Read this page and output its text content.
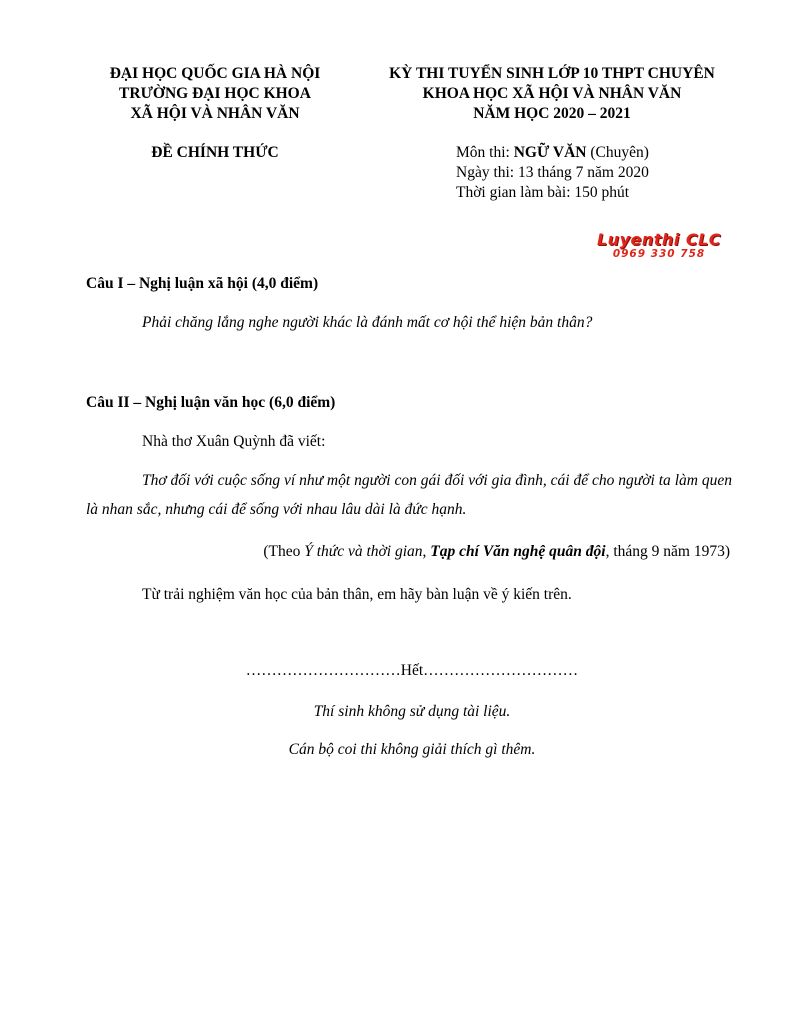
ĐẠI HỌC QUỐC GIA HÀ NỘI
TRƯỜNG ĐẠI HỌC KHOA
XÃ HỘI VÀ NHÂN VĂN
KỲ THI TUYỂN SINH LỚP 10 THPT CHUYÊN
KHOA HỌC XÃ HỘI VÀ NHÂN VĂN
NĂM HỌC 2020 – 2021
ĐỀ CHÍNH THỨC	Môn thi: NGỮ VĂN (Chuyên)
Ngày thi: 13 tháng 7 năm 2020
Thời gian làm bài: 150 phút
Luyenthi CLC
0969 330 758
Câu I – Nghị luận xã hội (4,0 điểm)
Phải chăng lắng nghe người khác là đánh mất cơ hội thể hiện bản thân?
Câu II – Nghị luận văn học (6,0 điểm)
Nhà thơ Xuân Quỳnh đã viết:
Thơ đối với cuộc sống ví như một người con gái đối với gia đình, cái để cho người ta làm quen là nhan sắc, nhưng cái để sống với nhau lâu dài là đức hạnh.
(Theo Ý thức và thời gian, Tạp chí Văn nghệ quân đội, tháng 9 năm 1973)
Từ trải nghiệm văn học của bản thân, em hãy bàn luận về ý kiến trên.
…………………………Hết…………………………
Thí sinh không sử dụng tài liệu.
Cán bộ coi thi không giải thích gì thêm.
